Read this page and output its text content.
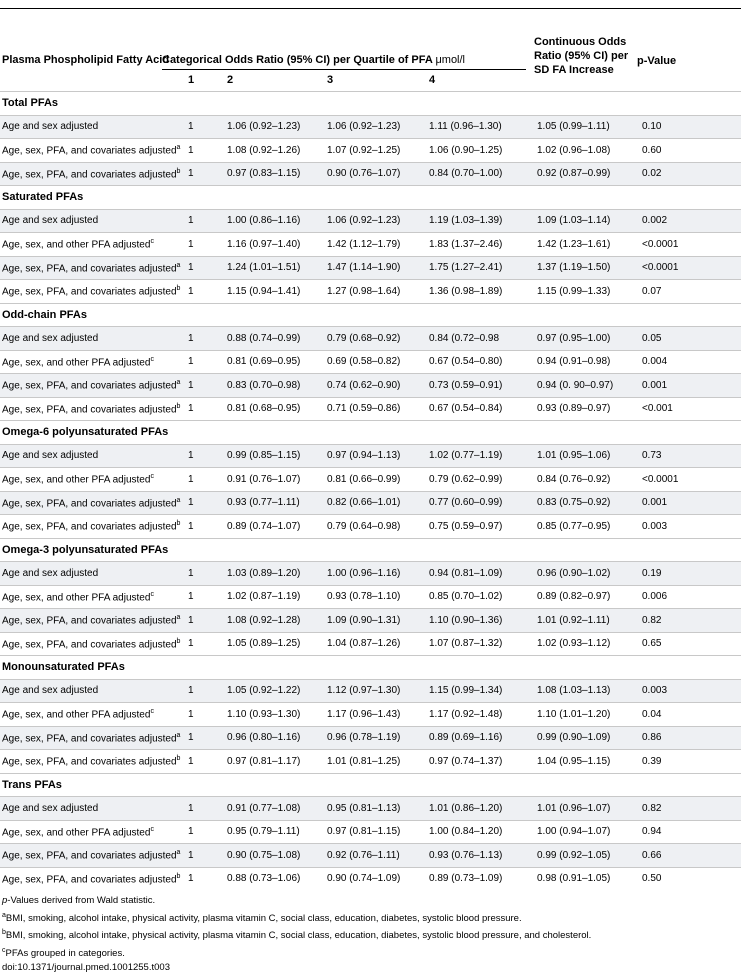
Plasma Phospholipid Fatty Acid
Categorical Odds Ratio (95% CI) per Quartile of PFA μmol/l
Continuous Odds Ratio (95% CI) per SD FA Increase
p-Value
1	2	3	4
Total PFAs						
Age and sex adjusted	1	1.06 (0.92–1.23)	1.06 (0.92–1.23)	1.11 (0.96–1.30)	1.05 (0.99–1.11)	0.10
Age, sex, PFA, and covariates adjusted$^a$	1	1.08 (0.92–1.26)	1.07 (0.92–1.25)	1.06 (0.90–1.25)	1.02 (0.96–1.08)	0.60
Age, sex, PFA, and covariates adjusted$^b$	1	0.97 (0.83–1.15)	0.90 (0.76–1.07)	0.84 (0.70–1.00)	0.92 (0.87–0.99)	0.02
Saturated PFAs						
Age and sex adjusted	1	1.00 (0.86–1.16)	1.06 (0.92–1.23)	1.19 (1.03–1.39)	1.09 (1.03–1.14)	0.002
Age, sex, and other PFA adjusted$^c$	1	1.16 (0.97–1.40)	1.42 (1.12–1.79)	1.83 (1.37–2.46)	1.42 (1.23–1.61)	<0.0001
Age, sex, PFA, and covariates adjusted$^a$	1	1.24 (1.01–1.51)	1.47 (1.14–1.90)	1.75 (1.27–2.41)	1.37 (1.19–1.50)	<0.0001
Age, sex, PFA, and covariates adjusted$^b$	1	1.15 (0.94–1.41)	1.27 (0.98–1.64)	1.36 (0.98–1.89)	1.15 (0.99–1.33)	0.07
Odd-chain PFAs						
Age and sex adjusted	1	0.88 (0.74–0.99)	0.79 (0.68–0.92)	0.84 (0.72–0.98	0.97 (0.95–1.00)	0.05
Age, sex, and other PFA adjusted$^c$	1	0.81 (0.69–0.95)	0.69 (0.58–0.82)	0.67 (0.54–0.80)	0.94 (0.91–0.98)	0.004
Age, sex, PFA, and covariates adjusted$^a$	1	0.83 (0.70–0.98)	0.74 (0.62–0.90)	0.73 (0.59–0.91)	0.94 (0. 90–0.97)	0.001
Age, sex, PFA, and covariates adjusted$^b$	1	0.81 (0.68–0.95)	0.71 (0.59–0.86)	0.67 (0.54–0.84)	0.93 (0.89–0.97)	<0.001
Omega-6 polyunsaturated PFAs						
Age and sex adjusted	1	0.99 (0.85–1.15)	0.97 (0.94–1.13)	1.02 (0.77–1.19)	1.01 (0.95–1.06)	0.73
Age, sex, and other PFA adjusted$^c$	1	0.91 (0.76–1.07)	0.81 (0.66–0.99)	0.79 (0.62–0.99)	0.84 (0.76–0.92)	<0.0001
Age, sex, PFA, and covariates adjusted$^a$	1	0.93 (0.77–1.11)	0.82 (0.66–1.01)	0.77 (0.60–0.99)	0.83 (0.75–0.92)	0.001
Age, sex, PFA, and covariates adjusted$^b$	1	0.89 (0.74–1.07)	0.79 (0.64–0.98)	0.75 (0.59–0.97)	0.85 (0.77–0.95)	0.003
Omega-3 polyunsaturated PFAs						
Age and sex adjusted	1	1.03 (0.89–1.20)	1.00 (0.96–1.16)	0.94 (0.81–1.09)	0.96 (0.90–1.02)	0.19
Age, sex, and other PFA adjusted$^c$	1	1.02 (0.87–1.19)	0.93 (0.78–1.10)	0.85 (0.70–1.02)	0.89 (0.82–0.97)	0.006
Age, sex, PFA, and covariates adjusted$^a$	1	1.08 (0.92–1.28)	1.09 (0.90–1.31)	1.10 (0.90–1.36)	1.01 (0.92–1.11)	0.82
Age, sex, PFA, and covariates adjusted$^b$	1	1.05 (0.89–1.25)	1.04 (0.87–1.26)	1.07 (0.87–1.32)	1.02 (0.93–1.12)	0.65
Monounsaturated PFAs						
Age and sex adjusted	1	1.05 (0.92–1.22)	1.12 (0.97–1.30)	1.15 (0.99–1.34)	1.08 (1.03–1.13)	0.003
Age, sex, and other PFA adjusted$^c$	1	1.10 (0.93–1.30)	1.17 (0.96–1.43)	1.17 (0.92–1.48)	1.10 (1.01–1.20)	0.04
Age, sex, PFA, and covariates adjusted$^a$	1	0.96 (0.80–1.16)	0.96 (0.78–1.19)	0.89 (0.69–1.16)	0.99 (0.90–1.09)	0.86
Age, sex, PFA, and covariates adjusted$^b$	1	0.97 (0.81–1.17)	1.01 (0.81–1.25)	0.97 (0.74–1.37)	1.04 (0.95–1.15)	0.39
Trans PFAs						
Age and sex adjusted	1	0.91 (0.77–1.08)	0.95 (0.81–1.13)	1.01 (0.86–1.20)	1.01 (0.96–1.07)	0.82
Age, sex, and other PFA adjusted$^c$	1	0.95 (0.79–1.11)	0.97 (0.81–1.15)	1.00 (0.84–1.20)	1.00 (0.94–1.07)	0.94
Age, sex, PFA, and covariates adjusted$^a$	1	0.90 (0.75–1.08)	0.92 (0.76–1.11)	0.93 (0.76–1.13)	0.99 (0.92–1.05)	0.66
Age, sex, PFA, and covariates adjusted$^b$	1	0.88 (0.73–1.06)	0.90 (0.74–1.09)	0.89 (0.73–1.09)	0.98 (0.91–1.05)	0.50
p-Values derived from Wald statistic.
$^a$BMI, smoking, alcohol intake, physical activity, plasma vitamin C, social class, education, diabetes, systolic blood pressure.
$^b$BMI, smoking, alcohol intake, physical activity, plasma vitamin C, social class, education, diabetes, systolic blood pressure, and cholesterol.
$^c$PFAs grouped in categories.
doi:10.1371/journal.pmed.1001255.t003
